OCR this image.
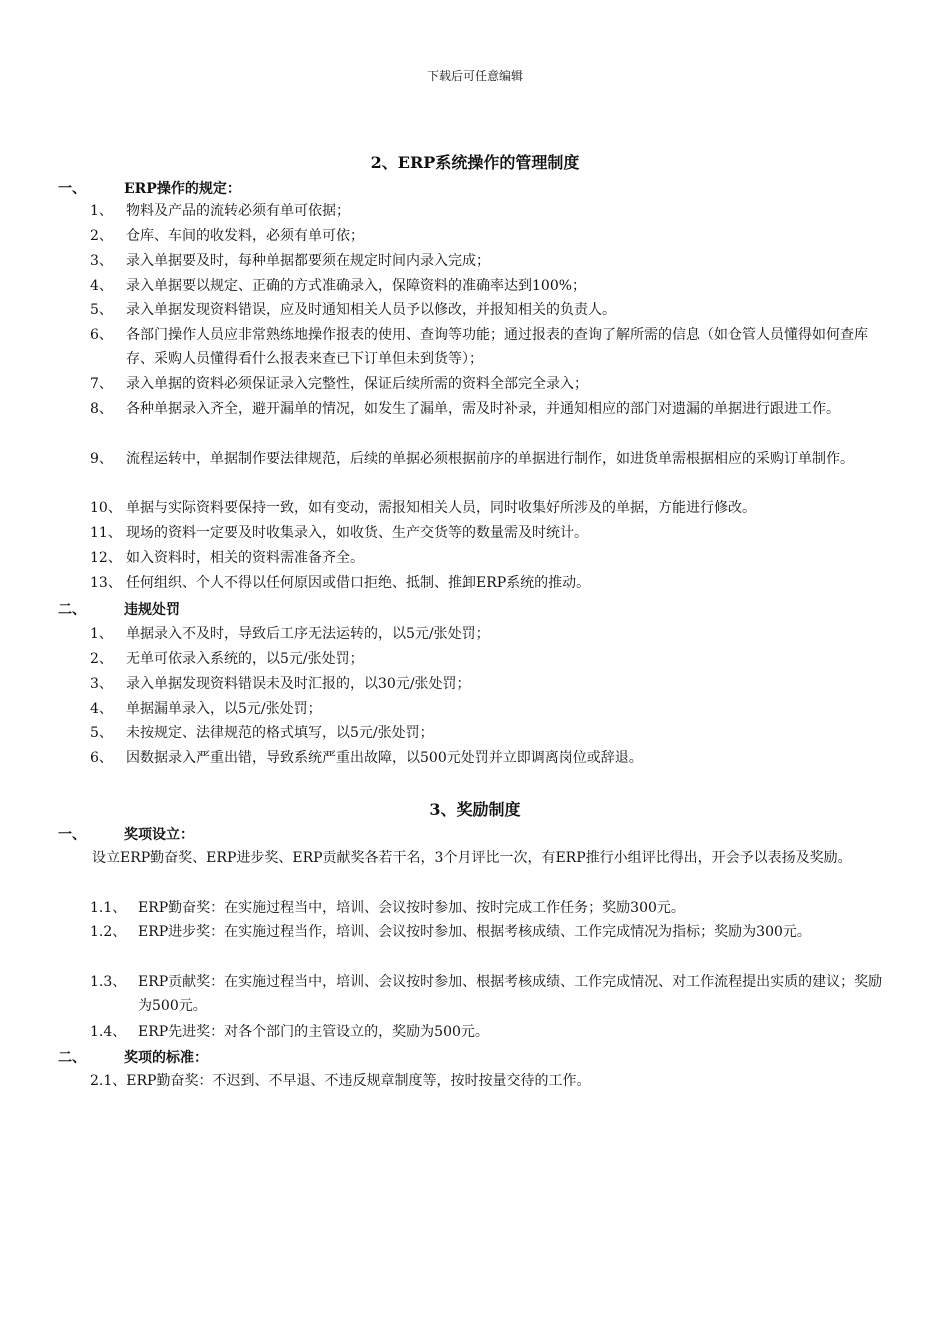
下载后可任意编辑
2、ERP系统操作的管理制度
一、	ERP操作的规定：
1、 物料及产品的流转必须有单可依据；
2、 仓库、车间的收发料，必须有单可依；
3、 录入单据要及时，每种单据都要须在规定时间内录入完成；
4、 录入单据要以规定、正确的方式准确录入，保障资料的准确率达到100%；
5、 录入单据发现资料错误，应及时通知相关人员予以修改，并报知相关的负责人。
6、 各部门操作人员应非常熟练地操作报表的使用、查询等功能；通过报表的查询了解所需的信息（如仓管人员懂得如何查库存、采购人员懂得看什么报表来查已下订单但未到货等）；
7、 录入单据的资料必须保证录入完整性，保证后续所需的资料全部完全录入；
8、 各种单据录入齐全，避开漏单的情况，如发生了漏单，需及时补录，并通知相应的部门对遗漏的单据进行跟进工作。
9、 流程运转中，单据制作要法律规范，后续的单据必须根据前序的单据进行制作，如进货单需根据相应的采购订单制作。
10、 单据与实际资料要保持一致，如有变动，需报知相关人员，同时收集好所涉及的单据，方能进行修改。
11、 现场的资料一定要及时收集录入，如收货、生产交货等的数量需及时统计。
12、 如入资料时，相关的资料需准备齐全。
13、 任何组织、个人不得以任何原因或借口拒绝、抵制、推卸ERP系统的推动。
二、	违规处罚
1、 单据录入不及时，导致后工序无法运转的，以5元/张处罚；
2、 无单可依录入系统的，以5元/张处罚；
3、 录入单据发现资料错误未及时汇报的，以30元/张处罚；
4、 单据漏单录入，以5元/张处罚；
5、 未按规定、法律规范的格式填写，以5元/张处罚；
6、 因数据录入严重出错，导致系统严重出故障，以500元处罚并立即调离岗位或辞退。
3、奖励制度
一、	奖项设立：
设立ERP勤奋奖、ERP进步奖、ERP贡献奖各若干名，3个月评比一次，有ERP推行小组评比得出，开会予以表扬及奖励。
1.1、 ERP勤奋奖：在实施过程当中，培训、会议按时参加、按时完成工作任务；奖励300元。
1.2、 ERP进步奖：在实施过程当作，培训、会议按时参加、根据考核成绩、工作完成情况为指标；奖励为300元。
1.3、 ERP贡献奖：在实施过程当中，培训、会议按时参加、根据考核成绩、工作完成情况、对工作流程提出实质的建议；奖励为500元。
1.4、 ERP先进奖：对各个部门的主管设立的，奖励为500元。
二、	奖项的标准：
2.1、ERP勤奋奖：不迟到、不早退、不违反规章制度等，按时按量交待的工作。
